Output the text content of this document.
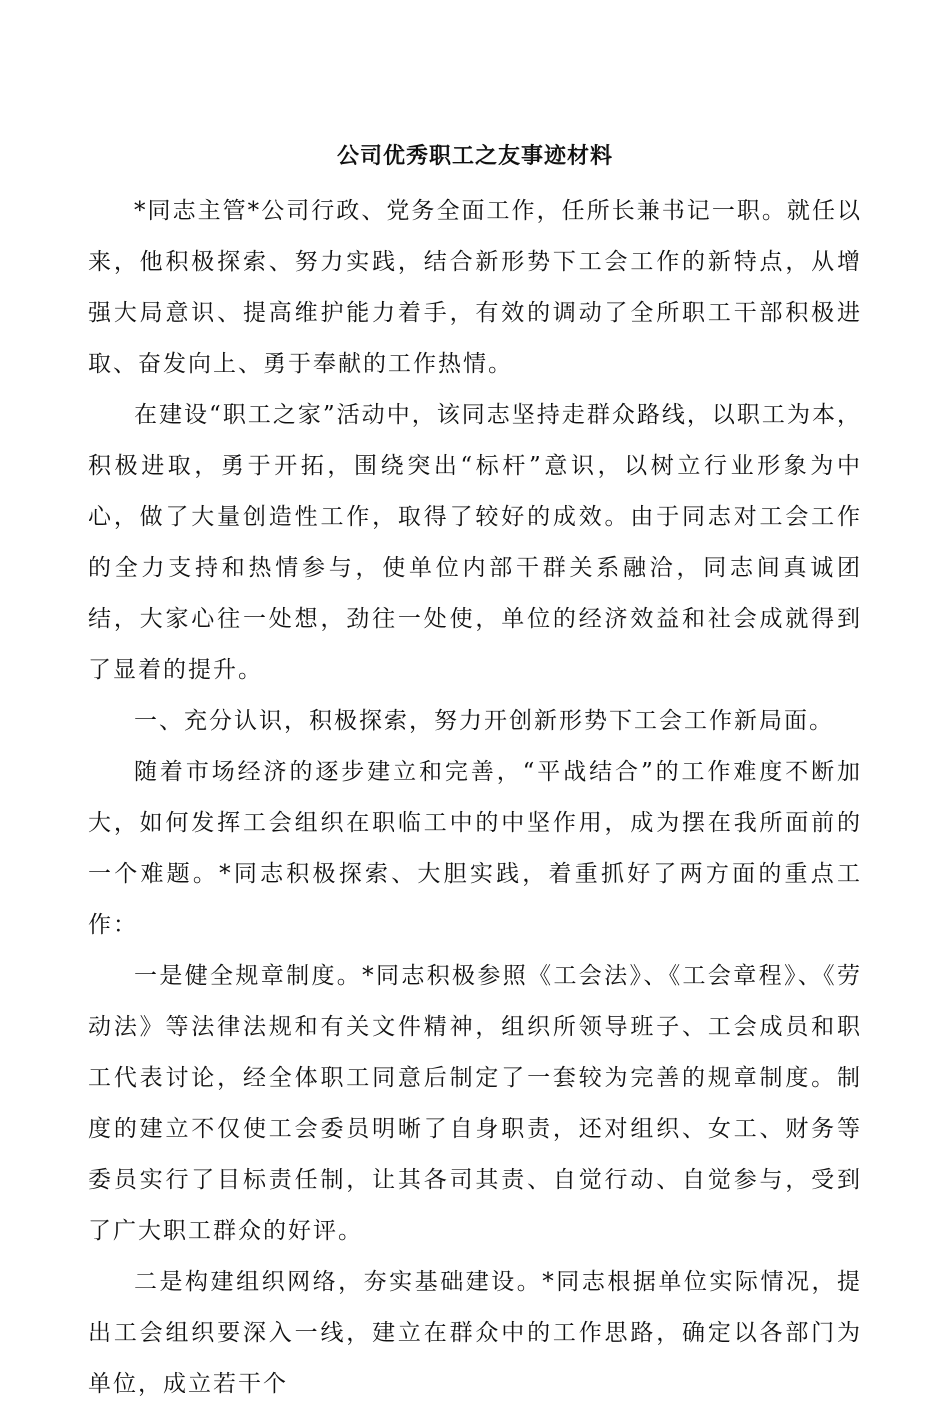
公司优秀职工之友事迹材料

*同志主管*公司行政、党务全面工作，任所长兼书记一职。就任以来，他积极探索、努力实践，结合新形势下工会工作的新特点，从增强大局意识、提高维护能力着手，有效的调动了全所职工干部积极进取、奋发向上、勇于奉献的工作热情。

在建设“职工之家”活动中，该同志坚持走群众路线，以职工为本，积极进取，勇于开拓，围绕突出“标杆”意识，以树立行业形象为中心，做了大量创造性工作，取得了较好的成效。由于同志对工会工作的全力支持和热情参与，使单位内部干群关系融洽，同志间真诚团结，大家心往一处想，劲往一处使，单位的经济效益和社会成就得到了显着的提升。

一、充分认识，积极探索，努力开创新形势下工会工作新局面。

随着市场经济的逐步建立和完善，“平战结合”的工作难度不断加大，如何发挥工会组织在职临工中的中坚作用，成为摆在我所面前的一个难题。*同志积极探索、大胆实践，着重抓好了两方面的重点工作：

一是健全规章制度。*同志积极参照《工会法》、《工会章程》、《劳动法》等法律法规和有关文件精神，组织所领导班子、工会成员和职工代表讨论，经全体职工同意后制定了一套较为完善的规章制度。制度的建立不仅使工会委员明晰了自身职责，还对组织、女工、财务等委员实行了目标责任制，让其各司其责、自觉行动、自觉参与，受到了广大职工群众的好评。

二是构建组织网络，夯实基础建设。*同志根据单位实际情况，提出工会组织要深入一线，建立在群众中的工作思路，确定以各部门为单位，成立若干个
